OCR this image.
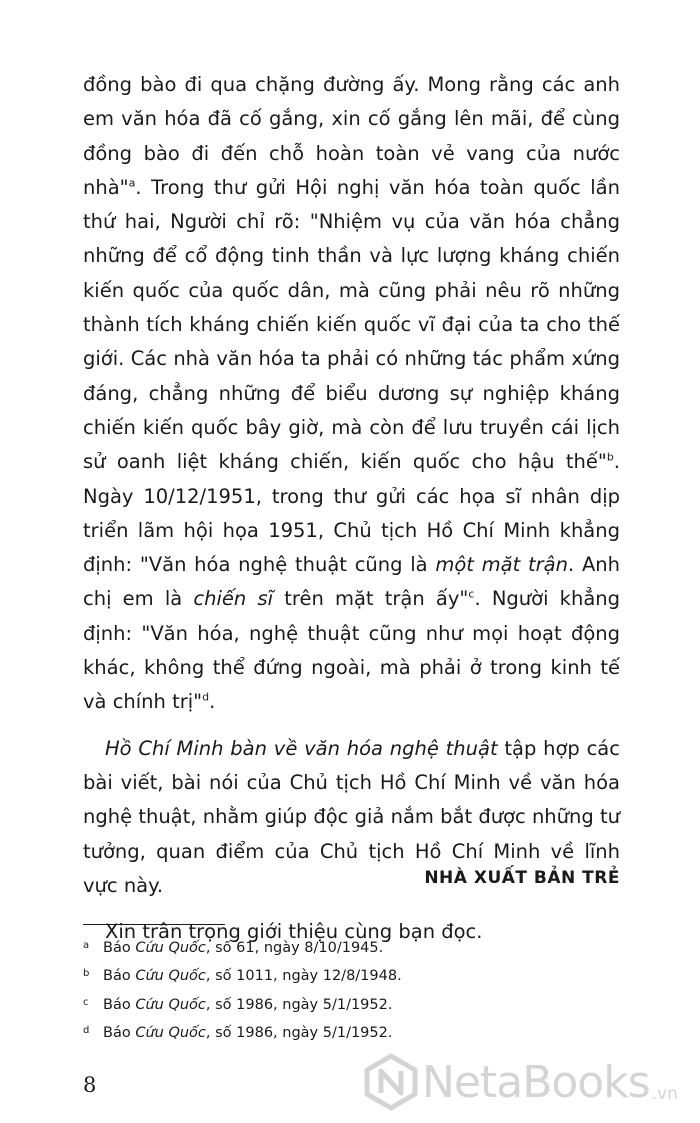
đồng bào đi qua chặng đường ấy. Mong rằng các anh em văn hóa đã cố gắng, xin cố gắng lên mãi, để cùng đồng bào đi đến chỗ hoàn toàn vẻ vang của nước nhà"$^a$. Trong thư gửi Hội nghị văn hóa toàn quốc lần thứ hai, Người chỉ rõ: "Nhiệm vụ của văn hóa chẳng những để cổ động tinh thần và lực lượng kháng chiến kiến quốc của quốc dân, mà cũng phải nêu rõ những thành tích kháng chiến kiến quốc vĩ đại của ta cho thế giới. Các nhà văn hóa ta phải có những tác phẩm xứng đáng, chẳng những để biểu dương sự nghiệp kháng chiến kiến quốc bây giờ, mà còn để lưu truyền cái lịch sử oanh liệt kháng chiến, kiến quốc cho hậu thế"$^b$. Ngày 10/12/1951, trong thư gửi các họa sĩ nhân dịp triển lãm hội họa 1951, Chủ tịch Hồ Chí Minh khẳng định: "Văn hóa nghệ thuật cũng là một mặt trận. Anh chị em là chiến sĩ trên mặt trận ấy"$^c$. Người khẳng định: "Văn hóa, nghệ thuật cũng như mọi hoạt động khác, không thể đứng ngoài, mà phải ở trong kinh tế và chính trị"$^d$.

Hồ Chí Minh bàn về văn hóa nghệ thuật tập hợp các bài viết, bài nói của Chủ tịch Hồ Chí Minh về văn hóa nghệ thuật, nhằm giúp độc giả nắm bắt được những tư tưởng, quan điểm của Chủ tịch Hồ Chí Minh về lĩnh vực này.

Xin trân trọng giới thiệu cùng bạn đọc.

NHÀ XUẤT BẢN TRẺ
a Báo Cứu Quốc, số 61, ngày 8/10/1945.
b Báo Cứu Quốc, số 1011, ngày 12/8/1948.
c Báo Cứu Quốc, số 1986, ngày 5/1/1952.
d Báo Cứu Quốc, số 1986, ngày 5/1/1952.
8	NetaBooks .vn
